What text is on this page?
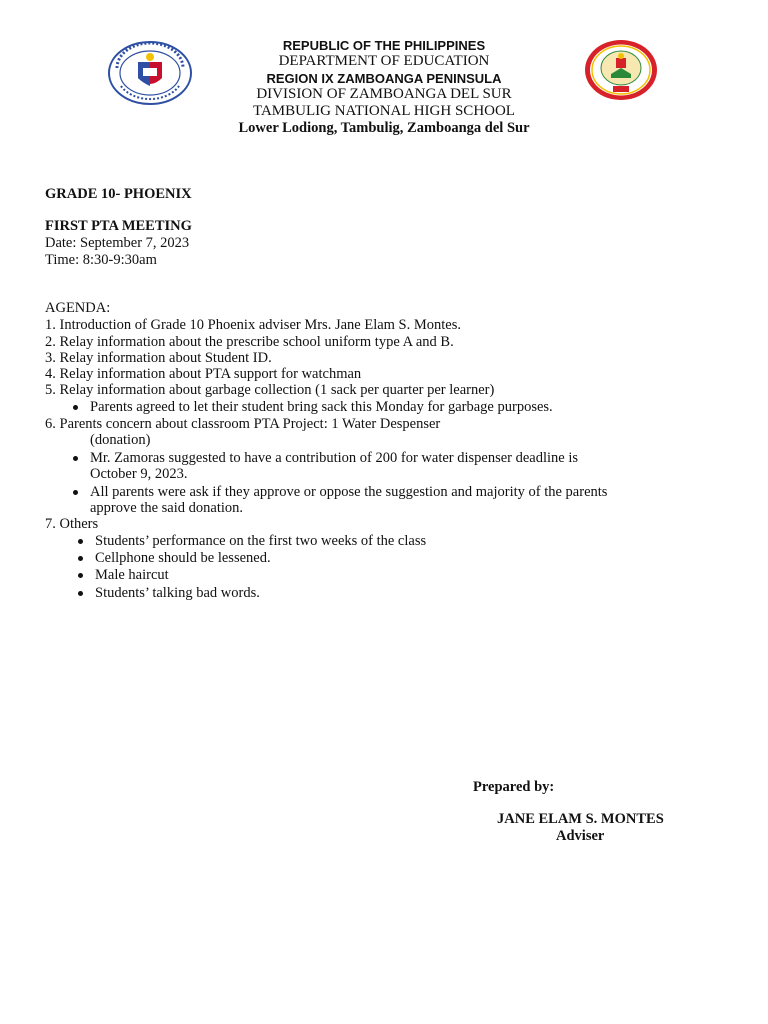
REPUBLIC OF THE PHILIPPINES
DEPARTMENT OF EDUCATION
REGION IX ZAMBOANGA PENINSULA
DIVISION OF ZAMBOANGA DEL SUR
TAMBULIG NATIONAL HIGH SCHOOL
Lower Lodiong, Tambulig, Zamboanga del Sur
GRADE 10- PHOENIX
FIRST PTA MEETING
Date: September 7, 2023
Time: 8:30-9:30am
AGENDA:
1. Introduction of Grade 10 Phoenix adviser Mrs. Jane Elam S. Montes.
2. Relay information about the prescribe school uniform type A and B.
3. Relay information about Student ID.
4. Relay information about PTA support for watchman
5. Relay information about garbage collection (1 sack per quarter per learner)
Parents agreed to let their student bring sack this Monday for garbage purposes.
6. Parents concern about classroom PTA Project: 1 Water Despenser
(donation)
Mr. Zamoras suggested to have a contribution of 200 for water dispenser deadline is
October 9, 2023.
All parents were ask if they approve or oppose the suggestion and majority of the parents
approve the said donation.
7. Others
Students’ performance on the first two weeks of the class
Cellphone should be lessened.
Male haircut
Students’ talking bad words.
Prepared by:
JANE ELAM S. MONTES
Adviser
